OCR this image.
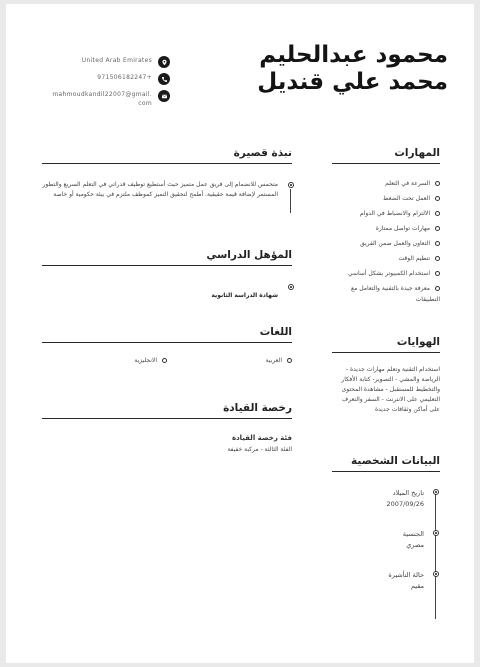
محمود عبدالحليم محمد علي قنديل
United Arab Emirates
971506182247+
mahmoudkandil22007@gmail.com
المهارات
السرعة في التعلم
العمل تحت الضغط
الالتزام والانضباط في الدوام
مهارات تواصل ممتازة
التعاون والعمل ضمن الفريق
تنظيم الوقت
استخدام الكمبيوتر بشكل أساسي
معرفة جيدة بالتقنية والتعامل مع التطبيقات
الهوايات

استخدام التقنية وتعلم مهارات جديدة - الرياضة والمشي - التصوير- كتابة الأفكار والتخطيط للمستقبل - مشاهدة المحتوى التعليمي على الانترنت - السفر والتعرف على أماكن وثقافات جديدة

البيانات الشخصية
تاريخ الميلاد
2007/09/26
الجنسية
مصري
حالة التأشيرة
مقيم
نبذة قصيرة

متحمس للانضمام إلى فريق عمل متميز حيث أستطيع توظيف قدراتي في التعلم السريع والتطور المستمر لإضافة قيمة حقيقية. أطمح لتحقيق التميز كموظف ملتزم في بيئة حكومية أو خاصة

المؤهل الدراسي
شهادة الدراسة الثانوية
اللغات
العربية
الانجليزية
رخصة القيادة
فئة رخصة القيادة
الفئة الثالثة - مركبة خفيفة
